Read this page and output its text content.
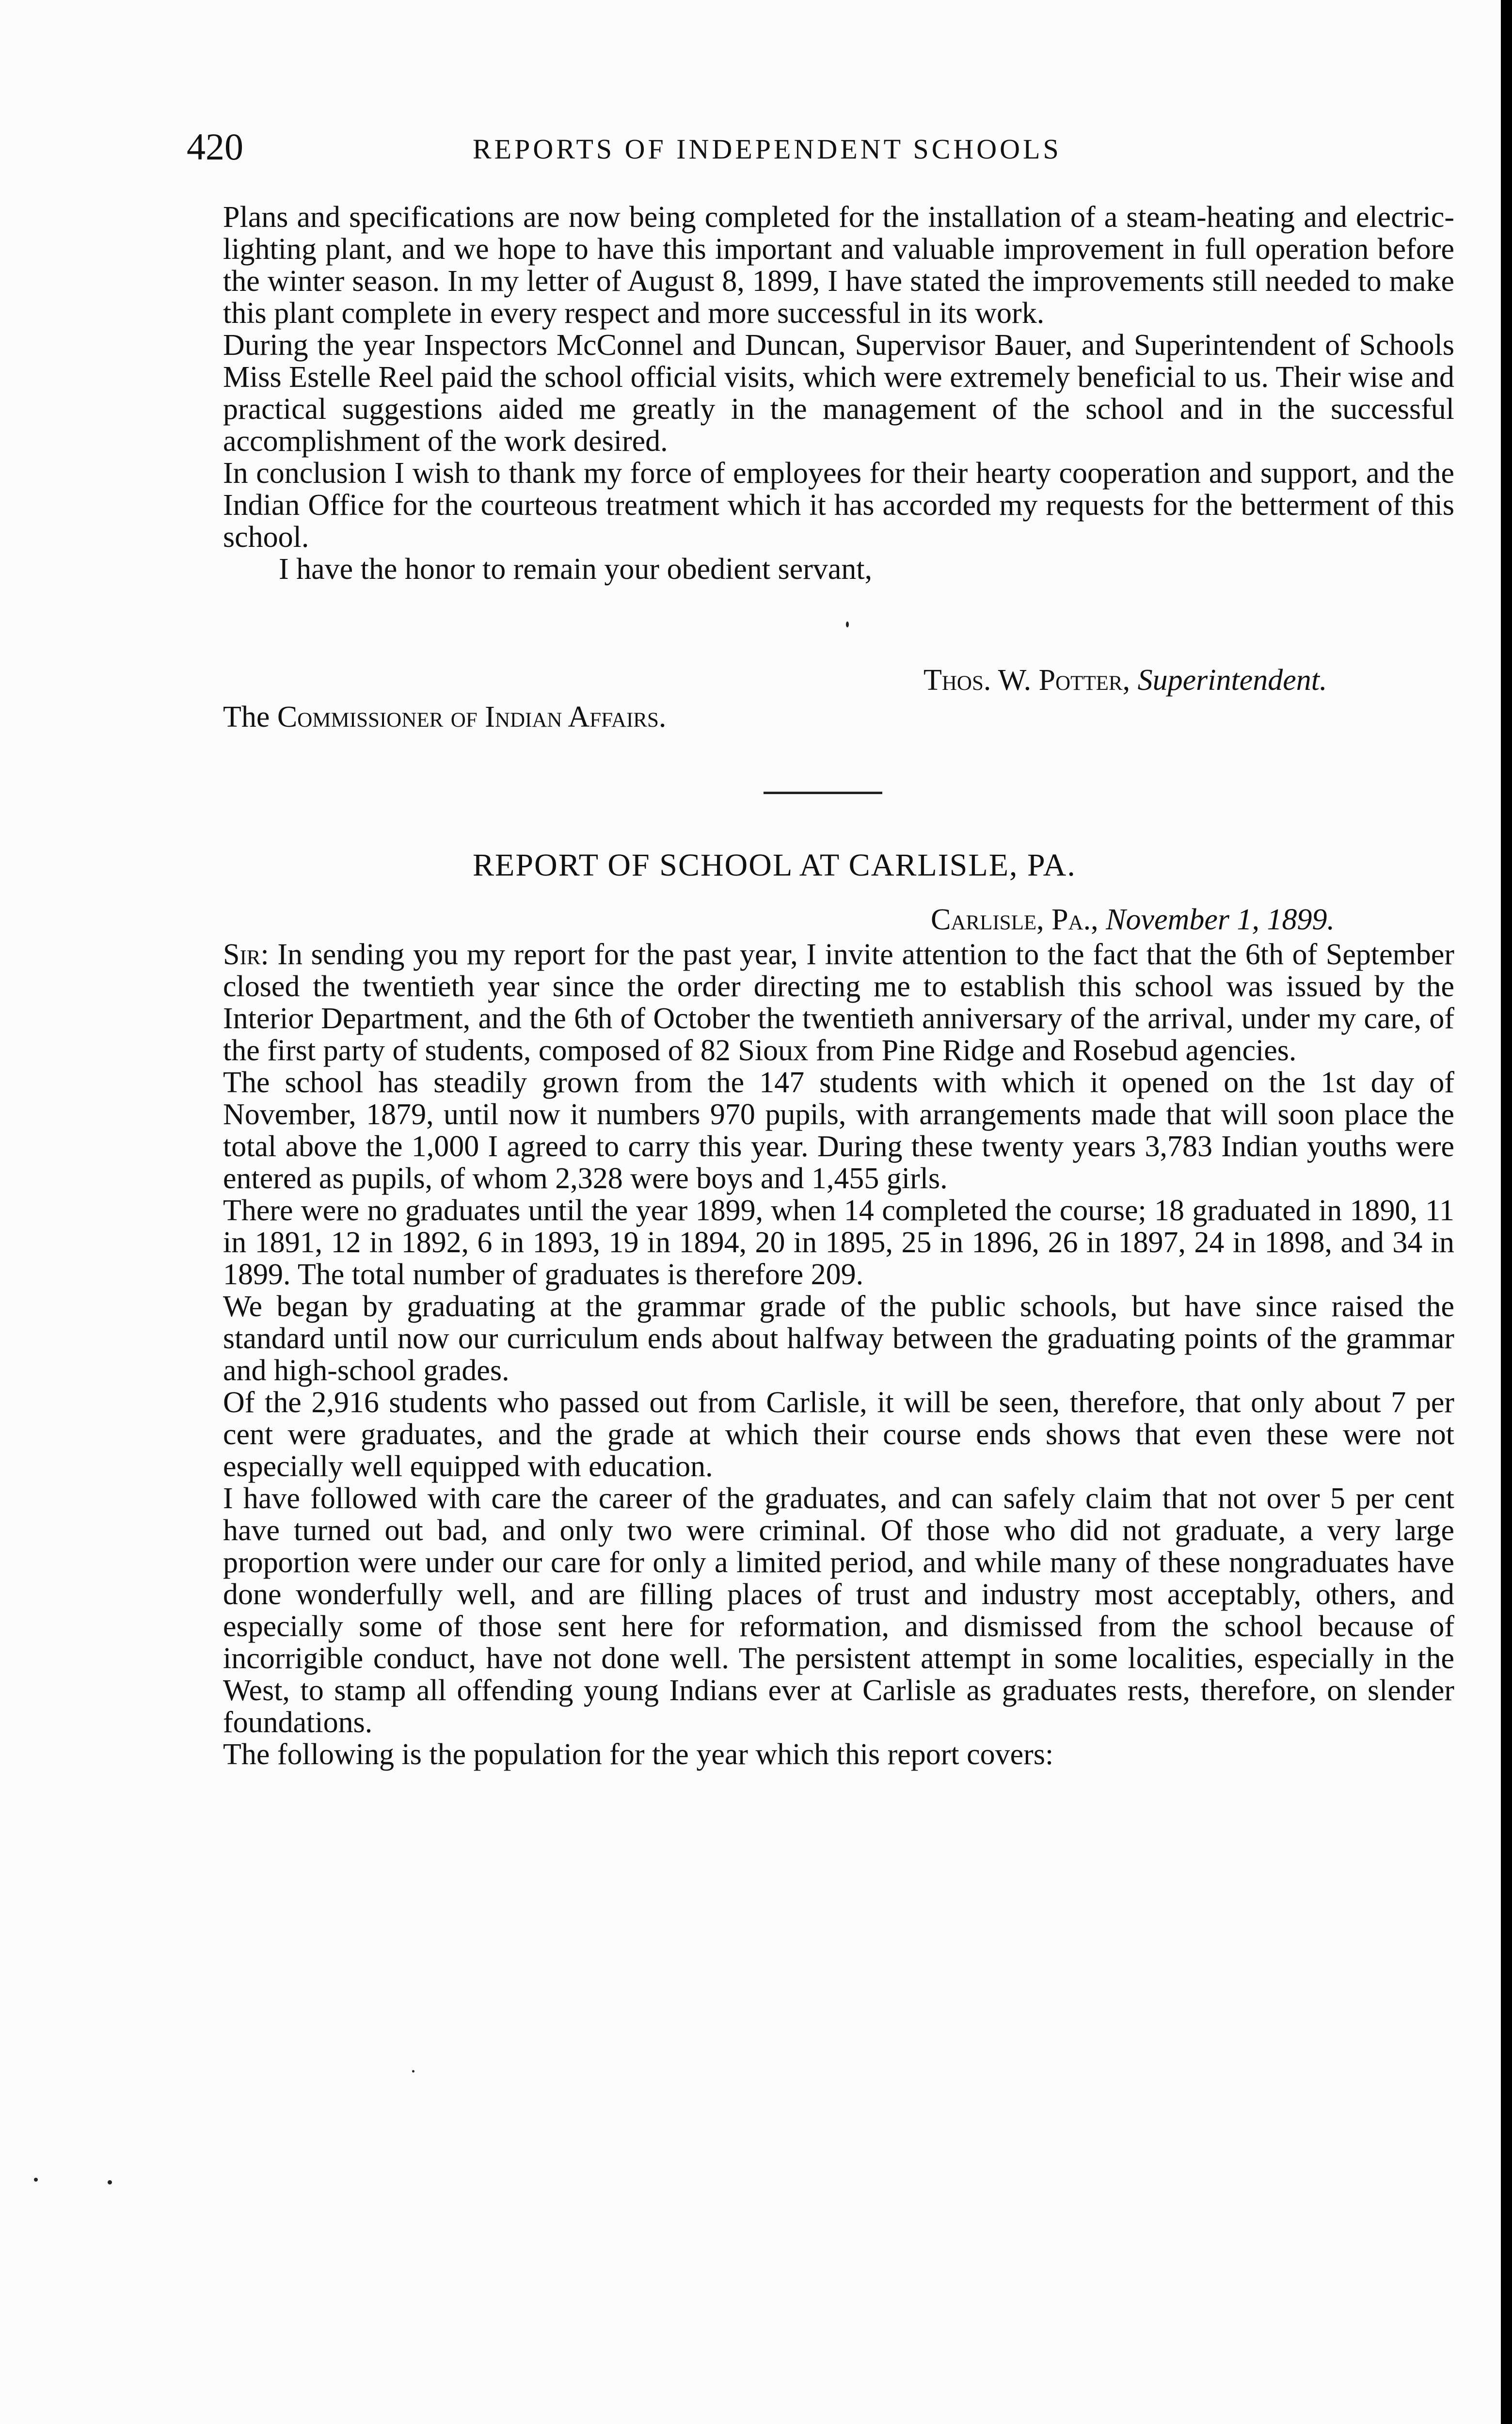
420	REPORTS OF INDEPENDENT SCHOOLS

Plans and specifications are now being completed for the installation of a steam-heating and electric-lighting plant, and we hope to have this important and valuable improvement in full operation before the winter season. In my letter of August 8, 1899, I have stated the improvements still needed to make this plant complete in every respect and more successful in its work.

During the year Inspectors McConnel and Duncan, Supervisor Bauer, and Superintendent of Schools Miss Estelle Reel paid the school official visits, which were extremely beneficial to us. Their wise and practical suggestions aided me greatly in the management of the school and in the successful accomplishment of the work desired.

In conclusion I wish to thank my force of employees for their hearty cooperation and support, and the Indian Office for the courteous treatment which it has accorded my requests for the betterment of this school.

I have the honor to remain your obedient servant,

Thos. W. Potter, Superintendent.
The Commissioner of Indian Affairs.
REPORT OF SCHOOL AT CARLISLE, PA.
Carlisle, Pa., November 1, 1899.

Sir: In sending you my report for the past year, I invite attention to the fact that the 6th of September closed the twentieth year since the order directing me to establish this school was issued by the Interior Department, and the 6th of October the twentieth anniversary of the arrival, under my care, of the first party of students, composed of 82 Sioux from Pine Ridge and Rosebud agencies.

The school has steadily grown from the 147 students with which it opened on the 1st day of November, 1879, until now it numbers 970 pupils, with arrangements made that will soon place the total above the 1,000 I agreed to carry this year. During these twenty years 3,783 Indian youths were entered as pupils, of whom 2,328 were boys and 1,455 girls.

There were no graduates until the year 1899, when 14 completed the course; 18 graduated in 1890, 11 in 1891, 12 in 1892, 6 in 1893, 19 in 1894, 20 in 1895, 25 in 1896, 26 in 1897, 24 in 1898, and 34 in 1899. The total number of graduates is therefore 209.

We began by graduating at the grammar grade of the public schools, but have since raised the standard until now our curriculum ends about halfway between the graduating points of the grammar and high-school grades.

Of the 2,916 students who passed out from Carlisle, it will be seen, therefore, that only about 7 per cent were graduates, and the grade at which their course ends shows that even these were not especially well equipped with education.

I have followed with care the career of the graduates, and can safely claim that not over 5 per cent have turned out bad, and only two were criminal. Of those who did not graduate, a very large proportion were under our care for only a limited period, and while many of these nongraduates have done wonderfully well, and are filling places of trust and industry most acceptably, others, and especially some of those sent here for reformation, and dismissed from the school because of incorrigible conduct, have not done well. The persistent attempt in some localities, especially in the West, to stamp all offending young Indians ever at Carlisle as graduates rests, therefore, on slender foundations.

The following is the population for the year which this report covers:
